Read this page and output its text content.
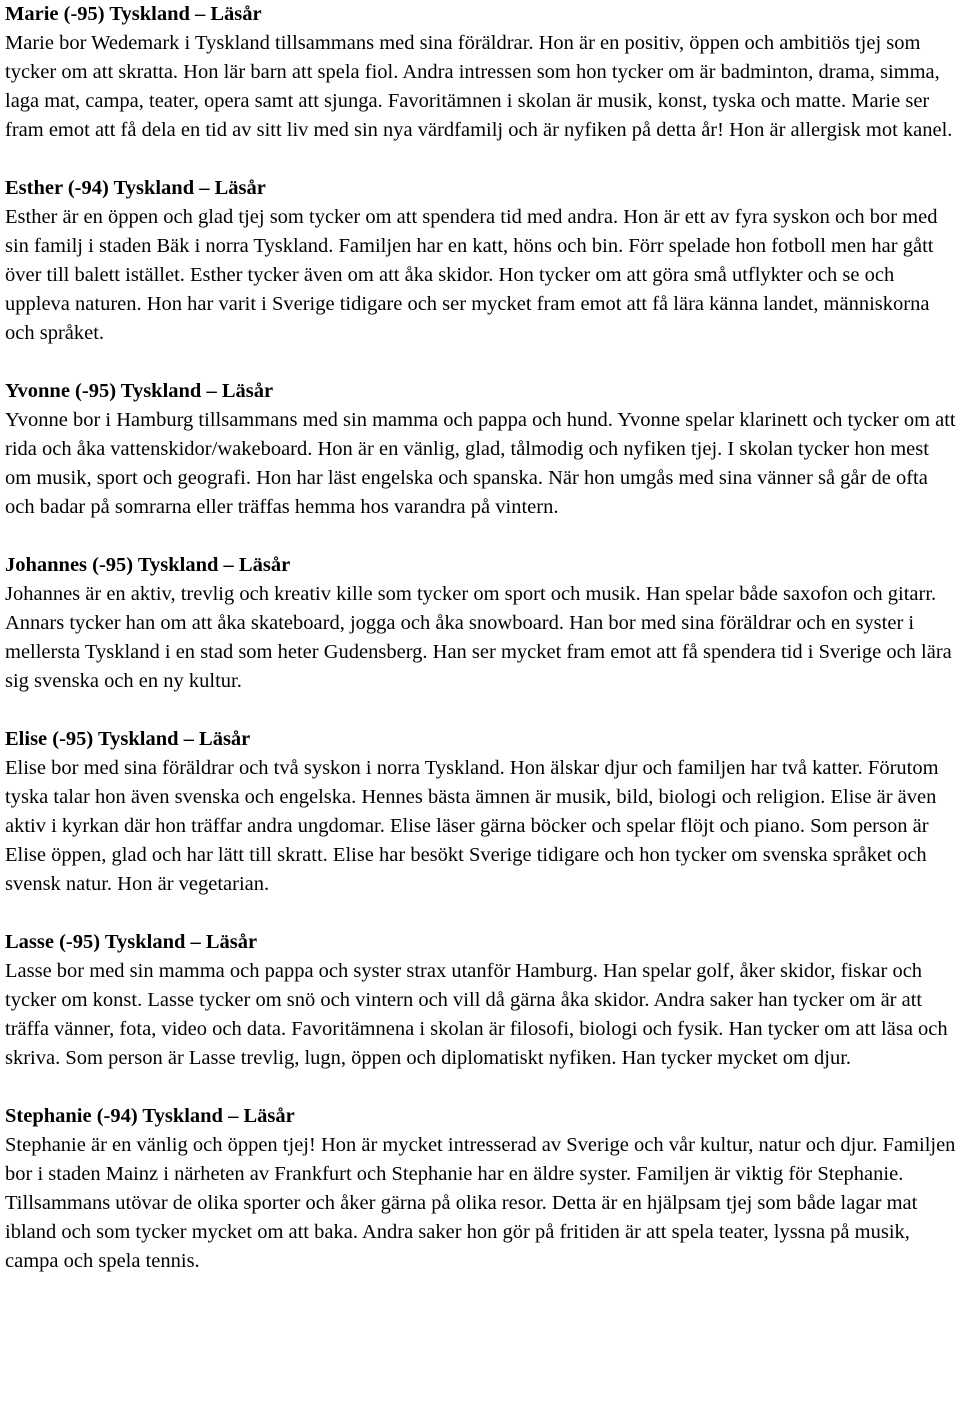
Marie (-95) Tyskland – Läsår

Marie bor Wedemark i Tyskland tillsammans med sina föräldrar. Hon är en positiv, öppen och ambitiös tjej som tycker om att skratta. Hon lär barn att spela fiol. Andra intressen som hon tycker om är badminton, drama, simma, laga mat, campa, teater, opera samt att sjunga. Favoritämnen i skolan är musik, konst, tyska och matte. Marie ser fram emot att få dela en tid av sitt liv med sin nya värdfamilj och är nyfiken på detta år! Hon är allergisk mot kanel.

Esther (-94) Tyskland – Läsår

Esther är en öppen och glad tjej som tycker om att spendera tid med andra. Hon är ett av fyra syskon och bor med sin familj i staden Bäk i norra Tyskland. Familjen har en katt, höns och bin. Förr spelade hon fotboll men har gått över till balett istället. Esther tycker även om att åka skidor. Hon tycker om att göra små utflykter och se och uppleva naturen. Hon har varit i Sverige tidigare och ser mycket fram emot att få lära känna landet, människorna och språket.

Yvonne (-95) Tyskland – Läsår

Yvonne bor i Hamburg tillsammans med sin mamma och pappa och hund. Yvonne spelar klarinett och tycker om att rida och åka vattenskidor/wakeboard. Hon är en vänlig, glad, tålmodig och nyfiken tjej. I skolan tycker hon mest om musik, sport och geografi. Hon har läst engelska och spanska. När hon umgås med sina vänner så går de ofta och badar på somrarna eller träffas hemma hos varandra på vintern.

Johannes (-95) Tyskland – Läsår

Johannes är en aktiv, trevlig och kreativ kille som tycker om sport och musik. Han spelar både saxofon och gitarr. Annars tycker han om att åka skateboard, jogga och åka snowboard. Han bor med sina föräldrar och en syster i mellersta Tyskland i en stad som heter Gudensberg. Han ser mycket fram emot att få spendera tid i Sverige och lära sig svenska och en ny kultur.

Elise (-95) Tyskland – Läsår

Elise bor med sina föräldrar och två syskon i norra Tyskland. Hon älskar djur och familjen har två katter. Förutom tyska talar hon även svenska och engelska. Hennes bästa ämnen är musik, bild, biologi och religion. Elise är även aktiv i kyrkan där hon träffar andra ungdomar. Elise läser gärna böcker och spelar flöjt och piano. Som person är Elise öppen, glad och har lätt till skratt. Elise har besökt Sverige tidigare och hon tycker om svenska språket och svensk natur. Hon är vegetarian.

Lasse (-95) Tyskland – Läsår

Lasse bor med sin mamma och pappa och syster strax utanför Hamburg. Han spelar golf, åker skidor, fiskar och tycker om konst. Lasse tycker om snö och vintern och vill då gärna åka skidor. Andra saker han tycker om är att träffa vänner, fota, video och data. Favoritämnena i skolan är filosofi, biologi och fysik. Han tycker om att läsa och skriva. Som person är Lasse trevlig, lugn, öppen och diplomatiskt nyfiken. Han tycker mycket om djur.

Stephanie (-94) Tyskland – Läsår

Stephanie är en vänlig och öppen tjej! Hon är mycket intresserad av Sverige och vår kultur, natur och djur. Familjen bor i staden Mainz i närheten av Frankfurt och Stephanie har en äldre syster. Familjen är viktig för Stephanie. Tillsammans utövar de olika sporter och åker gärna på olika resor. Detta är en hjälpsam tjej som både lagar mat ibland och som tycker mycket om att baka. Andra saker hon gör på fritiden är att spela teater, lyssna på musik, campa och spela tennis.
